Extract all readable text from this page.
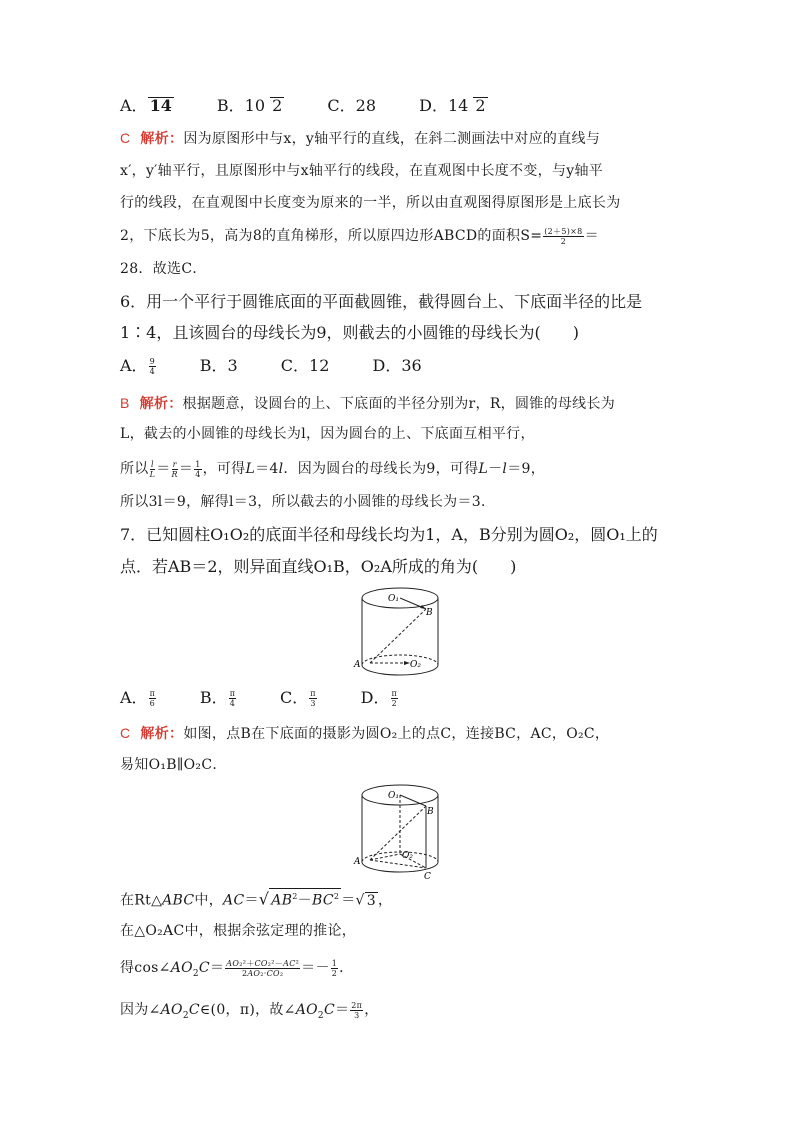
A． 14	B．10 2	C．28	D．14 2
C 解析：因为原图形中与x，y轴平行的直线，在斜二测画法中对应的直线与
x′，y′轴平行，且原图形中与x轴平行的线段，在直观图中长度不变，与y轴平
行的线段，在直观图中长度变为原来的一半，所以由直观图得原图形是上底长为
2，下底长为5，高为8的直角梯形，所以原四边形ABCD的面积$S= \frac{(2+5)\times 8}{2}$ ＝
28．故选C．
6．用一个平行于圆锥底面的平面截圆锥，截得圆台上、下底面半径的比是
1∶4，且该圆台的母线长为9，则截去的小圆锥的母线长为(　　)
A． $\frac{9}{4}$	B．3	C．12	D．36
B 解析：根据题意，设圆台的上、下底面的半径分别为r，R，圆锥的母线长为
L，截去的小圆锥的母线长为l，因为圆台的上、下底面互相平行，
所以 $\frac{l}{L} = \frac{r}{R} = \frac{1}{4}$ ，可得L＝4l．因为圆台的母线长为9，可得L－l＝9，
所以3l＝9，解得l＝3，所以截去的小圆锥的母线长为＝3．
7．已知圆柱O₁O₂的底面半径和母线长均为1，A，B分别为圆O₂，圆O₁上的
点．若AB＝2，则异面直线O₁B，O₂A所成的角为(　　)
O₁
B
O₂
A
A． $\frac{\pi}{6}$	B． $\frac{\pi}{4}$	C． $\frac{\pi}{3}$	D． $\frac{\pi}{2}$
C 解析：如图，点B在下底面的摄影为圆O₂上的点C，连接BC，AC，O₂C，
易知O₁B∥O₂C．
O₁
B
O₂
A
C
在Rt△ABC中，AC＝√ $AB^2-BC^2$ ＝√ 3 ，
在△O₂AC中，根据余弦定理的推论，
得$\cos\angle AO_2C= \frac{\text{AO₂²＋CO₂²－AC²}}{\text{2AO₂·CO₂}} =- \frac{1}{2}$ ．
因为$\angle AO_2C\in(0$，π)，故$\angle AO_2C= \frac{2\pi}{3}$ ，
